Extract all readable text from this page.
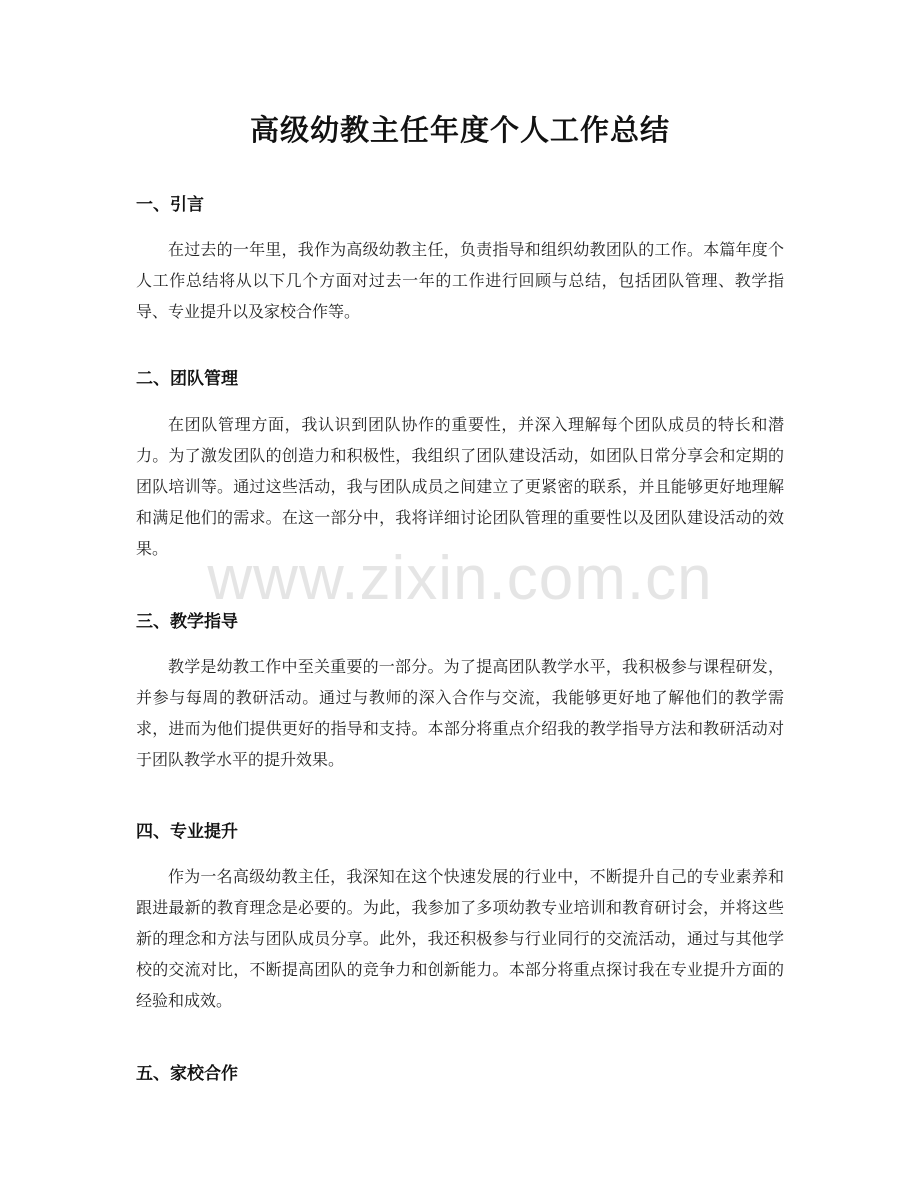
高级幼教主任年度个人工作总结
一、引言
在过去的一年里，我作为高级幼教主任，负责指导和组织幼教团队的工作。本篇年度个人工作总结将从以下几个方面对过去一年的工作进行回顾与总结，包括团队管理、教学指导、专业提升以及家校合作等。
二、团队管理
在团队管理方面，我认识到团队协作的重要性，并深入理解每个团队成员的特长和潜力。为了激发团队的创造力和积极性，我组织了团队建设活动，如团队日常分享会和定期的团队培训等。通过这些活动，我与团队成员之间建立了更紧密的联系，并且能够更好地理解和满足他们的需求。在这一部分中，我将详细讨论团队管理的重要性以及团队建设活动的效果。
三、教学指导
教学是幼教工作中至关重要的一部分。为了提高团队教学水平，我积极参与课程研发，并参与每周的教研活动。通过与教师的深入合作与交流，我能够更好地了解他们的教学需求，进而为他们提供更好的指导和支持。本部分将重点介绍我的教学指导方法和教研活动对于团队教学水平的提升效果。
四、专业提升
作为一名高级幼教主任，我深知在这个快速发展的行业中，不断提升自己的专业素养和跟进最新的教育理念是必要的。为此，我参加了多项幼教专业培训和教育研讨会，并将这些新的理念和方法与团队成员分享。此外，我还积极参与行业同行的交流活动，通过与其他学校的交流对比，不断提高团队的竞争力和创新能力。本部分将重点探讨我在专业提升方面的经验和成效。
五、家校合作
www.zixin.com.cn
